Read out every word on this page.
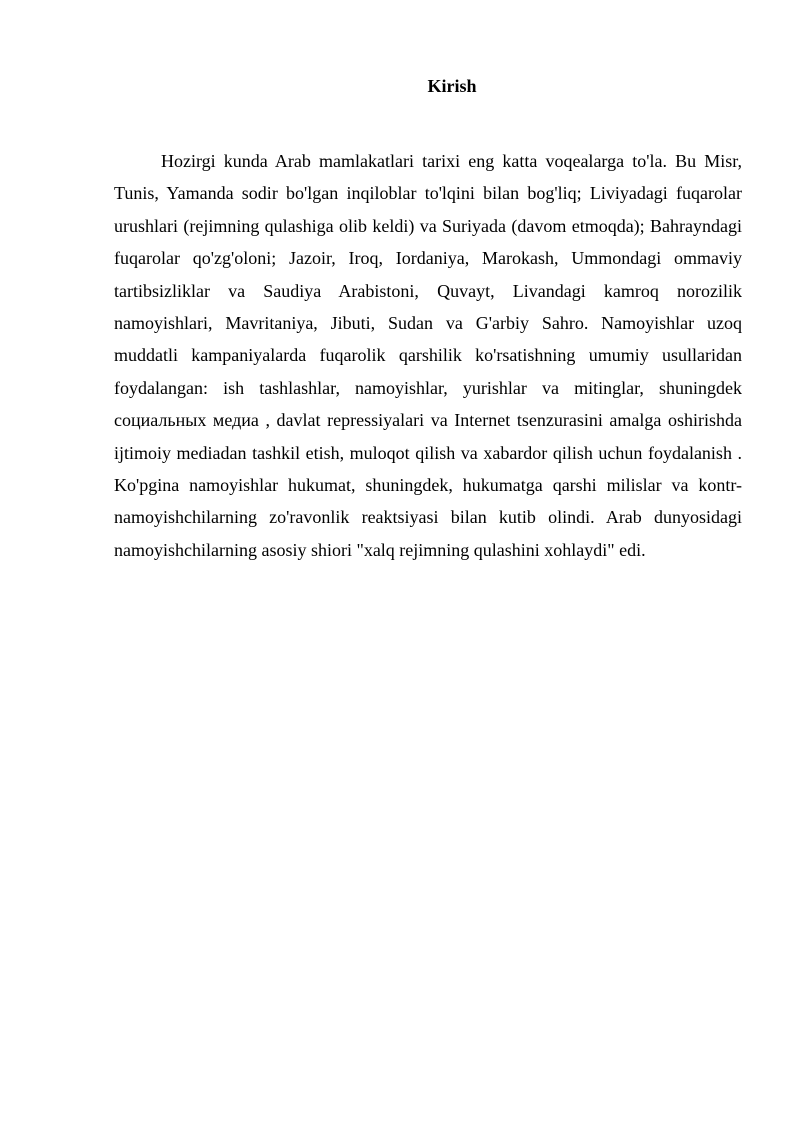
Kirish

Hozirgi kunda Arab mamlakatlari tarixi eng katta voqealarga to'la. Bu Misr, Tunis, Yamanda sodir bo'lgan inqiloblar to'lqini bilan bog'liq; Liviyadagi fuqarolar urushlari (rejimning qulashiga olib keldi) va Suriyada (davom etmoqda); Bahrayndagi fuqarolar qo'zg'oloni; Jazoir, Iroq, Iordaniya, Marokash, Ummondagi ommaviy tartibsizliklar va Saudiya Arabistoni, Quvayt, Livandagi kamroq norozilik namoyishlari, Mavritaniya, Jibuti, Sudan va G'arbiy Sahro. Namoyishlar uzoq muddatli kampaniyalarda fuqarolik qarshilik ko'rsatishning umumiy usullaridan foydalangan: ish tashlashlar, namoyishlar, yurishlar va mitinglar, shuningdek социальных медиа , davlat repressiyalari va Internet tsenzurasini amalga oshirishda ijtimoiy mediadan tashkil etish, muloqot qilish va xabardor qilish uchun foydalanish . Ko'pgina namoyishlar hukumat, shuningdek, hukumatga qarshi milislar va kontr-namoyishchilarning zo'ravonlik reaktsiyasi bilan kutib olindi. Arab dunyosidagi namoyishchilarning asosiy shiori "xalq rejimning qulashini xohlaydi" edi.
